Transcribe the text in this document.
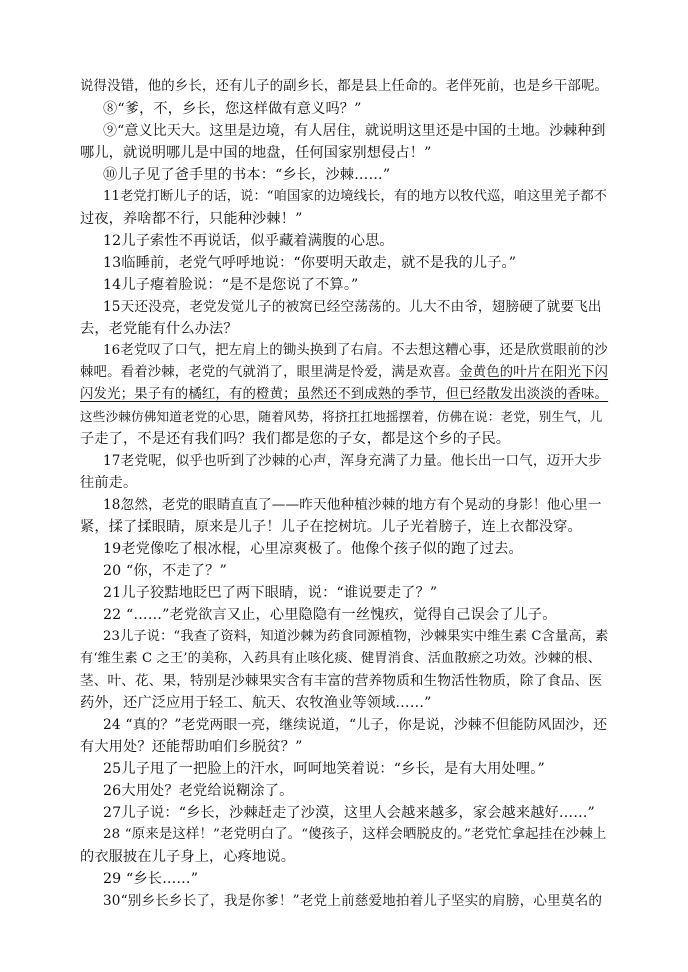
说得没错，他的乡长，还有儿子的副乡长，都是县上任命的。老伴死前，也是乡干部呢。
⑧“爹，不，乡长，您这样做有意义吗？”
⑨“意义比天大。这里是边境，有人居住，就说明这里还是中国的土地。沙棘种到
哪儿，就说明哪儿是中国的地盘，任何国家别想侵占！”
⑩儿子见了爸手里的书本：“乡长，沙棘……”
11老党打断儿子的话，说：“咱国家的边境线长，有的地方以牧代巡，咱这里羌子都不
过夜，养啥都不行，只能种沙棘！”
12儿子索性不再说话，似乎藏着满腹的心思。
13临睡前，老党气呼呼地说：“你要明天敢走，就不是我的儿子。”
14儿子瘪着脸说：“是不是您说了不算。”
15天还没亮，老党发觉儿子的被窝已经空荡荡的。儿大不由爷，翅膀硬了就要飞出
去，老党能有什么办法？
16老党叹了口气，把左肩上的锄头换到了右肩。不去想这糟心事，还是欣赏眼前的沙
棘吧。看着沙棘，老党的气就消了，眼里满是怜爱，满是欢喜。金黄色的叶片在阳光下闪
闪发光；果子有的橘红，有的橙黄；虽然还不到成熟的季节，但已经散发出淡淡的香味。
这些沙棘仿佛知道老党的心思，随着风势，将挤扛扛地摇摆着，仿佛在说：老党，别生气，儿
子走了，不是还有我们吗？我们都是您的子女，都是这个乡的子民。
17老党呢，似乎也听到了沙棘的心声，浑身充满了力量。他长出一口气，迈开大步
往前走。
18忽然，老党的眼睛直直了——昨天他种植沙棘的地方有个晃动的身影！他心里一
紧，揉了揉眼睛，原来是儿子！儿子在挖树坑。儿子光着膀子，连上衣都没穿。
19老党像吃了根冰棍，心里凉爽极了。他像个孩子似的跑了过去。
20 “你，不走了？”
21儿子狡黠地眨巴了两下眼睛，说：“谁说要走了？”
22 “……”老党欲言又止，心里隐隐有一丝愧疚，觉得自己误会了儿子。
23儿子说：“我查了资料，知道沙棘为药食同源植物，沙棘果实中维生素 C含量高，素
有‘维生素 C 之王’的美称，入药具有止咳化痰、健胃消食、活血散瘀之功效。沙棘的根、
茎、叶、花、果，特别是沙棘果实含有丰富的营养物质和生物活性物质，除了食品、医
药外，还广泛应用于轻工、航天、农牧渔业等领域……”
24 “真的？”老党两眼一亮，继续说道，“儿子，你是说，沙棘不但能防风固沙，还
有大用处？还能帮助咱们乡脱贫？”
25儿子甩了一把脸上的汗水，呵呵地笑着说：“乡长，是有大用处哩。”
26大用处？老党给说糊涂了。
27儿子说：“乡长，沙棘赶走了沙漠，这里人会越来越多，家会越来越好……”
28 “原来是这样！”老党明白了。“傻孩子，这样会晒脱皮的。”老党忙拿起挂在沙棘上
的衣服披在儿子身上，心疼地说。
29 “乡长……”
30“别乡长乡长了，我是你爹！”老党上前慈爱地拍着儿子坚实的肩膀，心里莫名的
